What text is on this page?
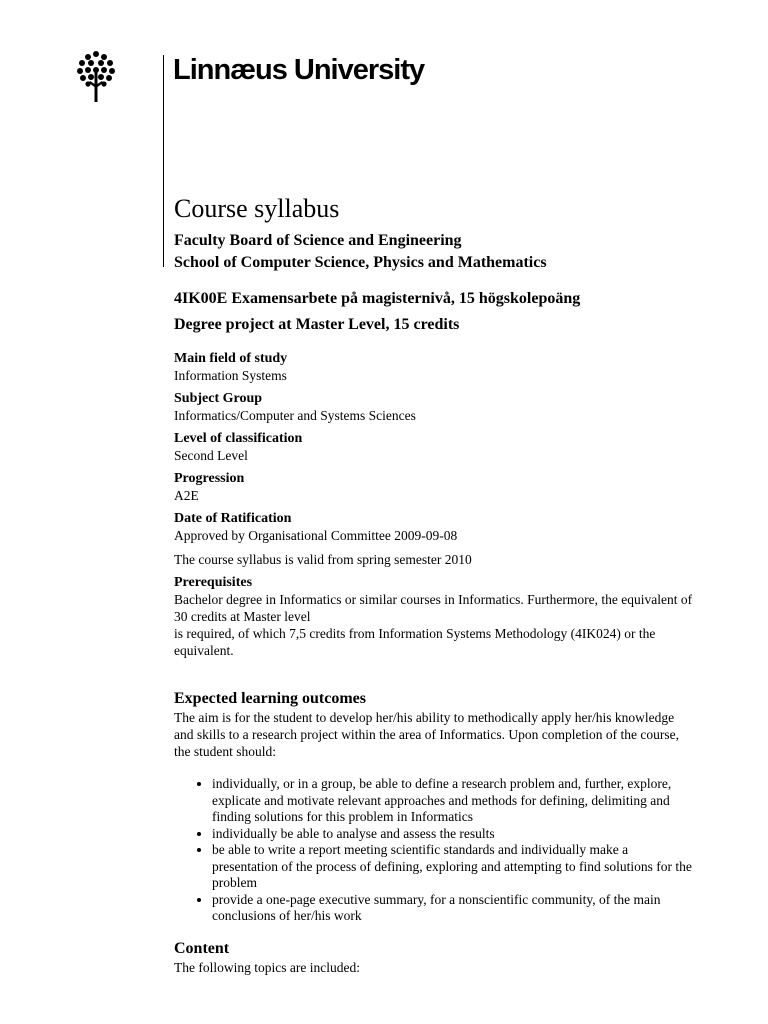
Linnæus University
Course syllabus

Faculty Board of Science and Engineering

School of Computer Science, Physics and Mathematics

4IK00E Examensarbete på magisternivå, 15 högskolepoäng

Degree project at Master Level, 15 credits

Main field of study
Information Systems
Subject Group
Informatics/Computer and Systems Sciences
Level of classification
Second Level
Progression
A2E
Date of Ratification
Approved by Organisational Committee 2009-09-08
The course syllabus is valid from spring semester 2010
Prerequisites

Bachelor degree in Informatics or similar courses in Informatics. Furthermore, the equivalent of 30 credits at Master level

is required, of which 7,5 credits from Information Systems Methodology (4IK024) or the equivalent.

Expected learning outcomes

The aim is for the student to develop her/his ability to methodically apply her/his knowledge and skills to a research project within the area of Informatics. Upon completion of the course, the student should:

• individually, or in a group, be able to define a research problem and, further, explore, explicate and motivate relevant approaches and methods for defining, delimiting and finding solutions for this problem in Informatics
• individually be able to analyse and assess the results
• be able to write a report meeting scientific standards and individually make a presentation of the process of defining, exploring and attempting to find solutions for the problem
• provide a one-page executive summary, for a nonscientific community, of the main conclusions of her/his work
Content

The following topics are included:
